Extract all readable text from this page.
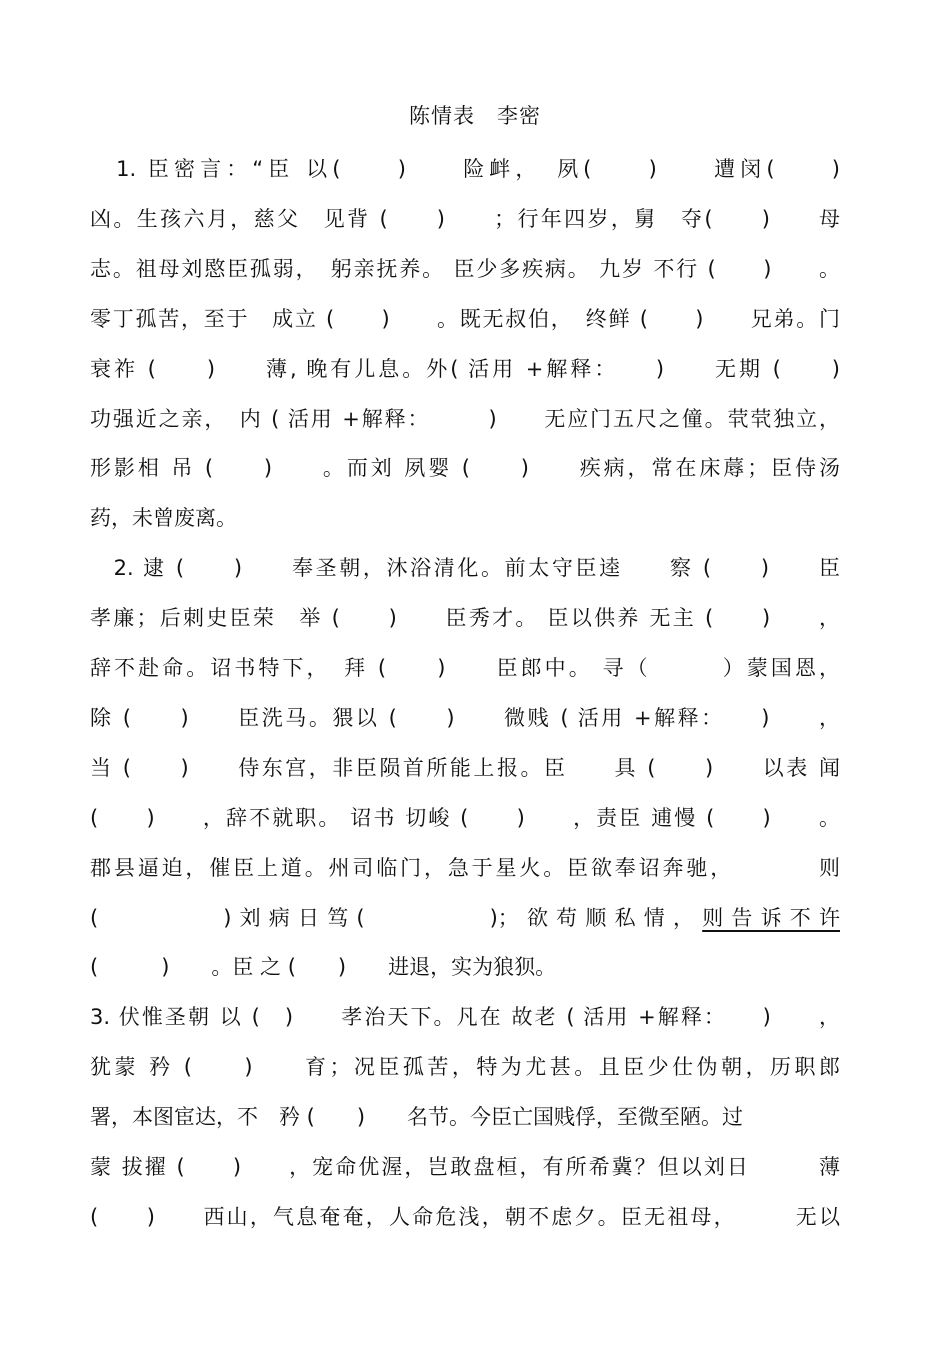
陈情表　李密
　1. 臣密言：“臣 以(　　)　　险衅，　夙(　　)　　遭闵(　　)
凶。生孩六月，慈父　见背 (　　)　　；行年四岁，舅　夺(　　)　　母
志。祖母刘愍臣孤弱，　躬亲抚养。 臣少多疾病。 九岁 不行 (　　)　　。
零丁孤苦，至于　成立 (　　)　　。既无叔伯，　终鲜 (　　)　　兄弟。门
衰祚 (　　)　　薄, 晚有儿息。外( 活用 +解释：　　)　　无期 (　　)
功强近之亲，　内 ( 活用 +解释：　　　)　　无应门五尺之僮。茕茕独立，
形影相 吊 (　　)　　。而刘 夙婴 (　　)　　疾病，常在床蓐；臣侍汤
药，未曾废离。
　2. 逮 (　　)　　奉圣朝，沐浴清化。前太守臣逵　　察 (　　)　　臣
孝廉；后刺史臣荣　举 (　　)　　臣秀才。 臣以供养 无主 (　　)　　，
辞不赴命。诏书特下，　拜 (　　)　　臣郎中。 寻（　　　）蒙国恩，
除 (　　)　　臣洗马。猥以 (　　)　　微贱 ( 活用 +解释：　　)　　，
当 (　　)　　侍东宫，非臣陨首所能上报。臣　　具 (　　)　　以表 闻
(　　)　　，辞不就职。 诏书 切峻 (　　)　　，责臣 逋慢 (　　)　　。
郡县逼迫，催臣上道。州司临门，急于星火。臣欲奉诏奔驰，　　　　则
(　　　　)刘病日笃(　　　　)；欲苟顺私情，则告诉不许
(　　　)　　。臣 之 (　　)　　进退，实为狼狈。
3. 伏惟圣朝 以 (　)　　孝治天下。凡在 故老 ( 活用 +解释：　　)　　，
犹蒙 矜 (　　)　　育；况臣孤苦，特为尤甚。且臣少仕伪朝，历职郎
署，本图宦达，不　矜 (　　)　　名节。今臣亡国贱俘，至微至陋。过
蒙 拔擢 (　　)　　，宠命优渥，岂敢盘桓，有所希冀？但以刘日　　　薄
(　　)　　西山，气息奄奄，人命危浅，朝不虑夕。臣无祖母，　　　无以
